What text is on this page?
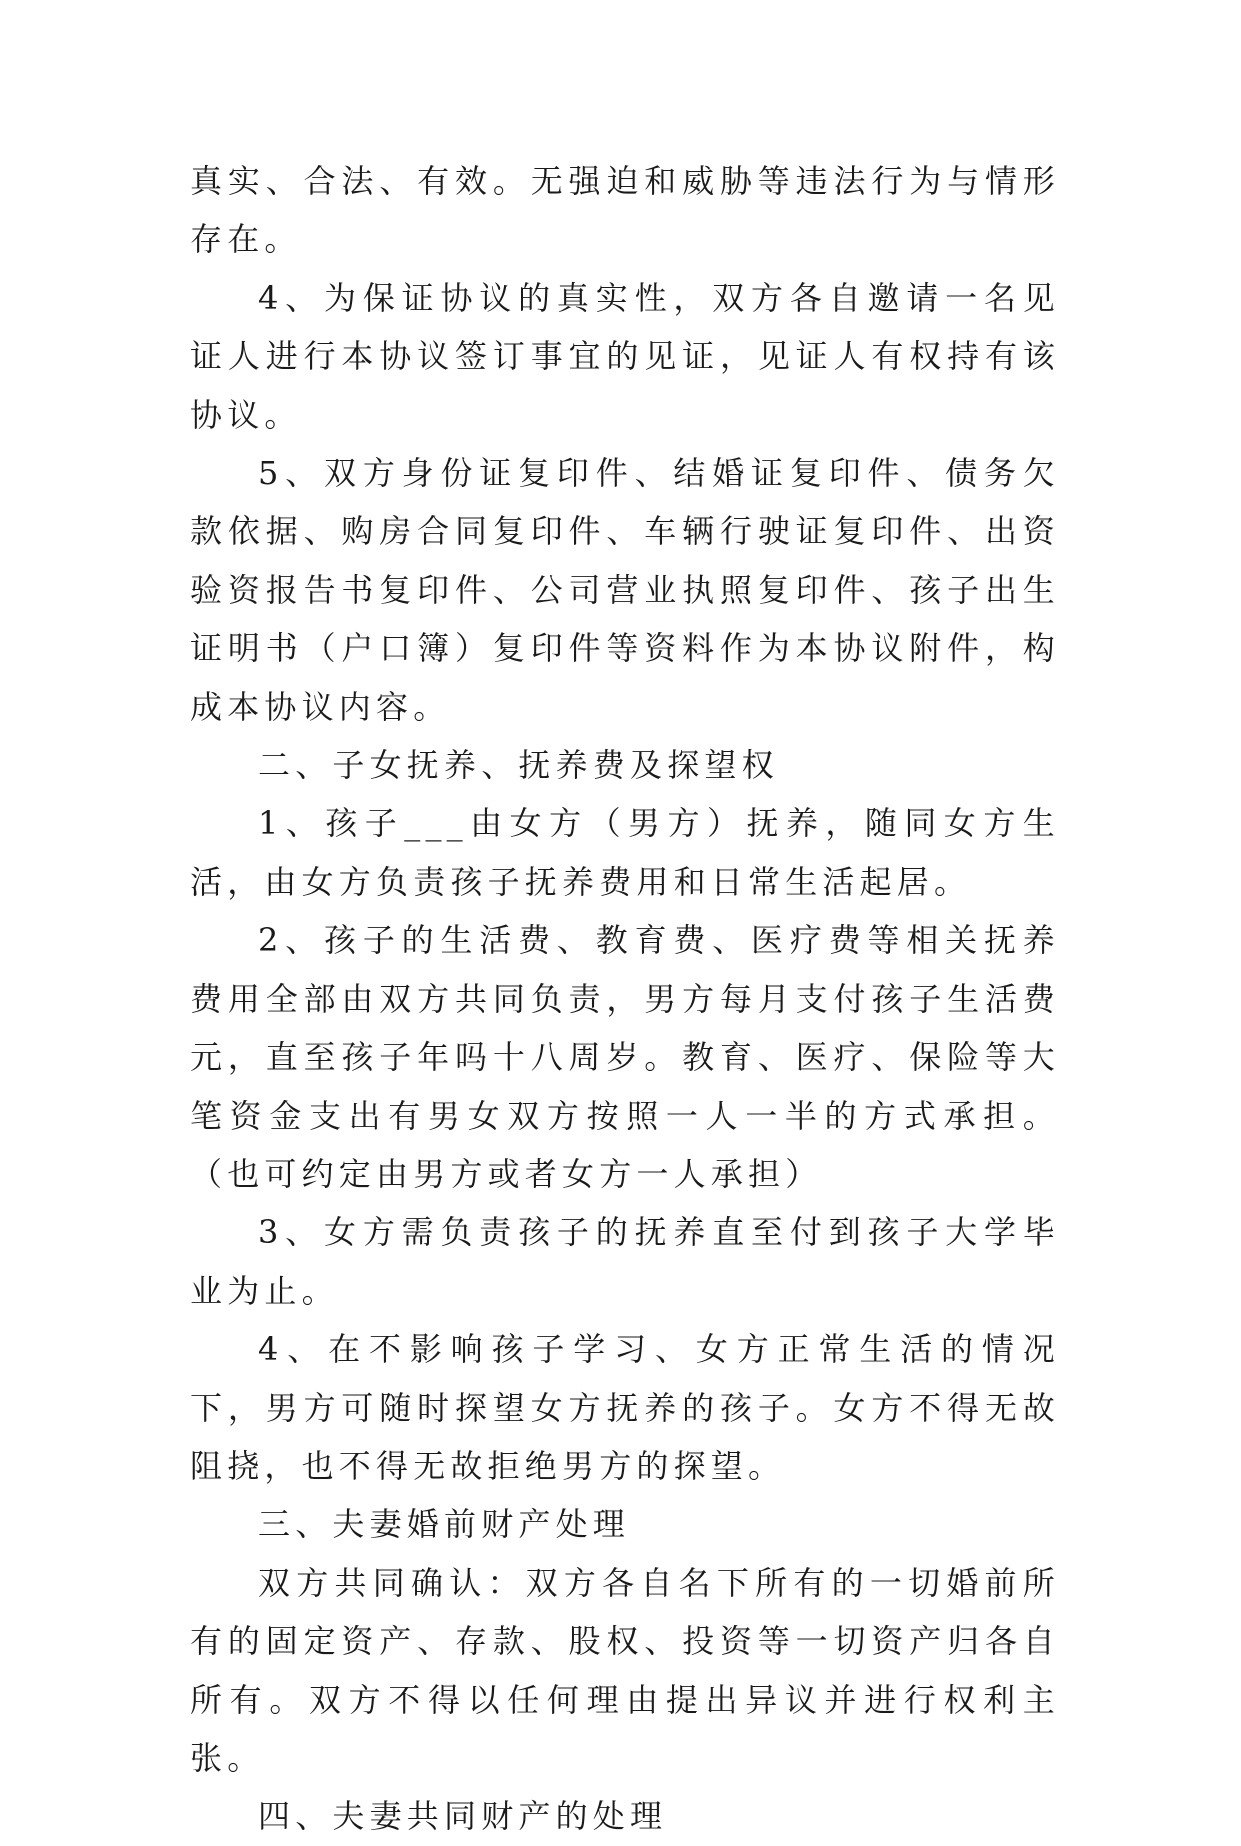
真实、合法、有效。无强迫和威胁等违法行为与情形存在。

4、为保证协议的真实性，双方各自邀请一名见证人进行本协议签订事宜的见证，见证人有权持有该协议。

5、双方身份证复印件、结婚证复印件、债务欠款依据、购房合同复印件、车辆行驶证复印件、出资验资报告书复印件、公司营业执照复印件、孩子出生证明书（户口簿）复印件等资料作为本协议附件，构成本协议内容。

二、子女抚养、抚养费及探望权

1、孩子___由女方（男方）抚养，随同女方生活，由女方负责孩子抚养费用和日常生活起居。

2、孩子的生活费、教育费、医疗费等相关抚养费用全部由双方共同负责，男方每月支付孩子生活费元，直至孩子年吗十八周岁。教育、医疗、保险等大笔资金支出有男女双方按照一人一半的方式承担。（也可约定由男方或者女方一人承担）

3、女方需负责孩子的抚养直至付到孩子大学毕业为止。

4、在不影响孩子学习、女方正常生活的情况下，男方可随时探望女方抚养的孩子。女方不得无故阻挠，也不得无故拒绝男方的探望。

三、夫妻婚前财产处理

双方共同确认：双方各自名下所有的一切婚前所有的固定资产、存款、股权、投资等一切资产归各自所有。双方不得以任何理由提出异议并进行权利主张。

四、夫妻共同财产的处理
